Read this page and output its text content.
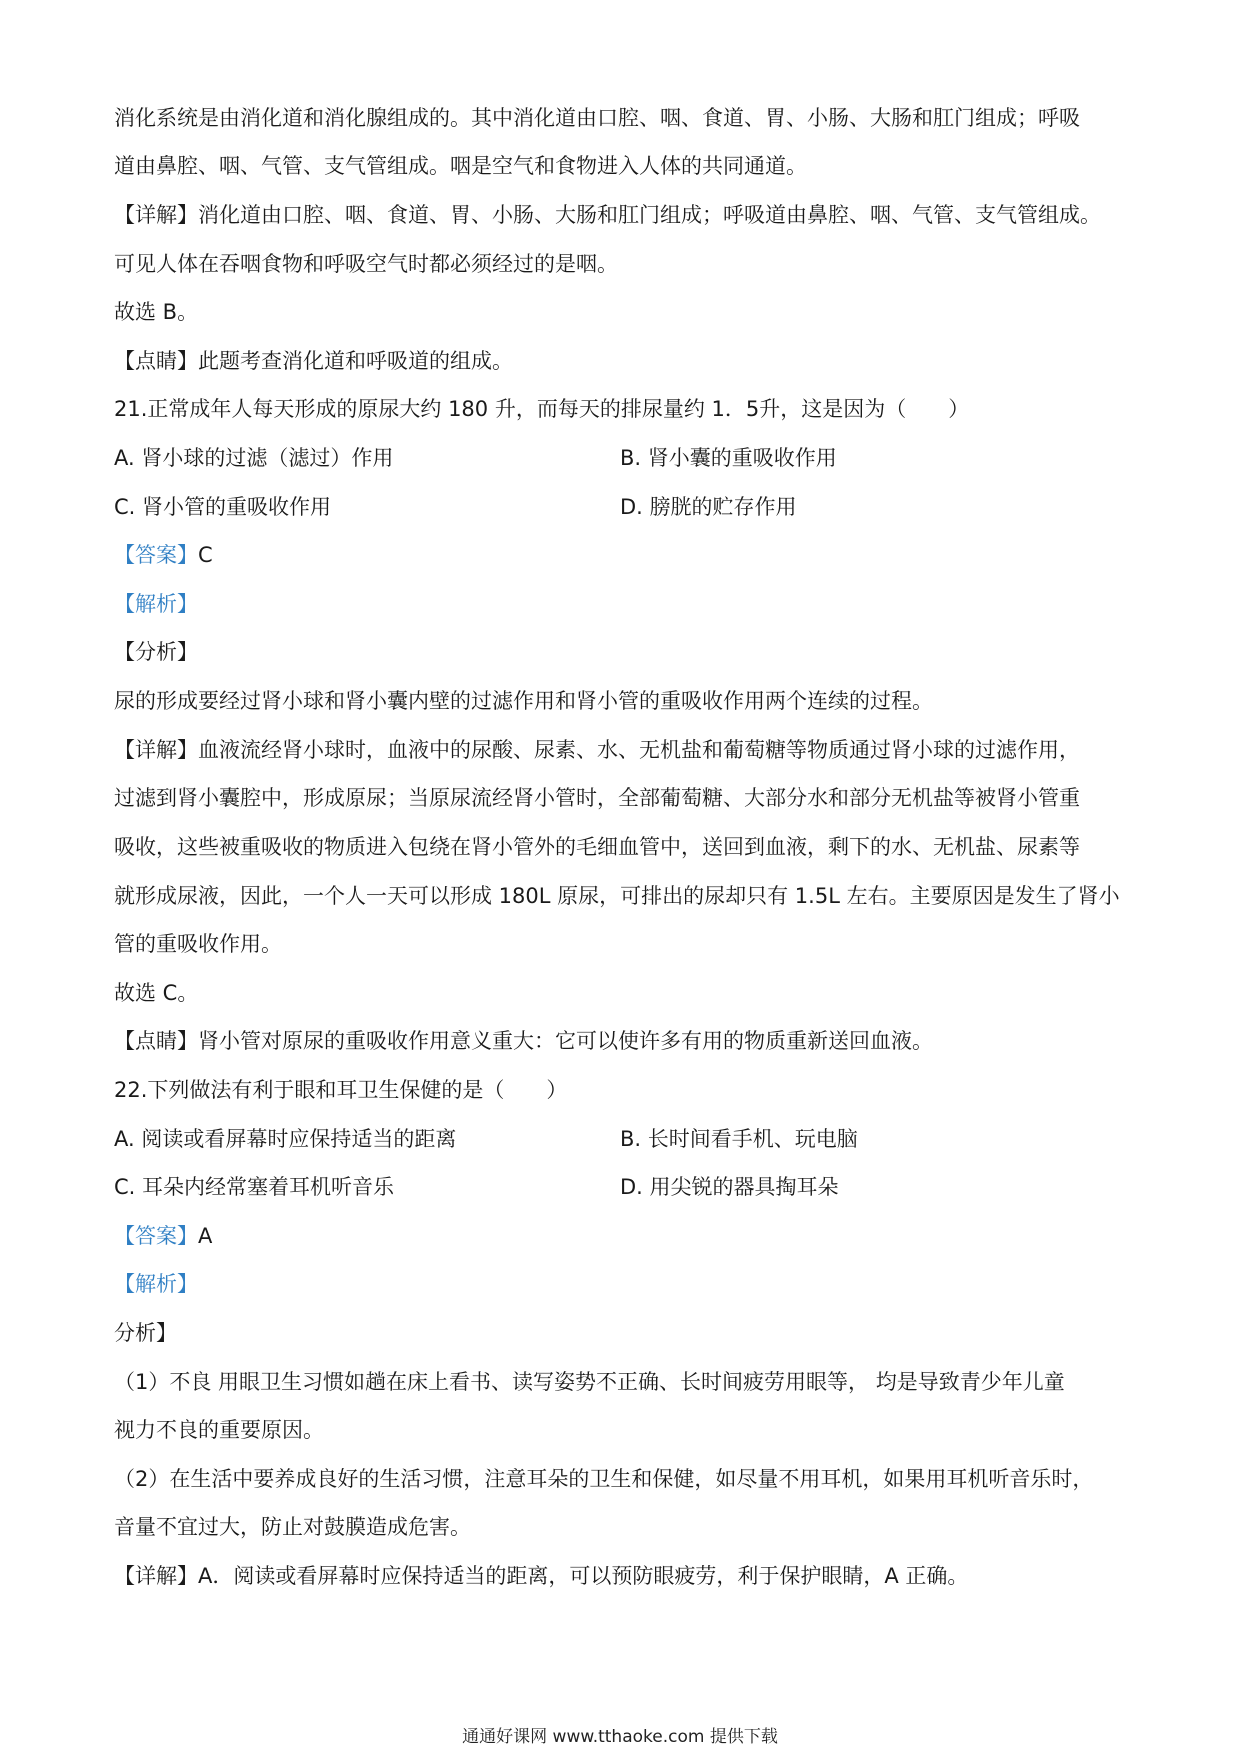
消化系统是由消化道和消化腺组成的。其中消化道由口腔、咽、食道、胃、小肠、大肠和肛门组成；呼吸
道由鼻腔、咽、气管、支气管组成。咽是空气和食物进入人体的共同通道。
【详解】消化道由口腔、咽、食道、胃、小肠、大肠和肛门组成；呼吸道由鼻腔、咽、气管、支气管组成。
可见人体在吞咽食物和呼吸空气时都必须经过的是咽。
故选 B。
【点睛】此题考查消化道和呼吸道的组成。
21.正常成年人每天形成的原尿大约 180 升，而每天的排尿量约 1．5升，这是因为（　　）
A. 肾小球的过滤（滤过）作用	B. 肾小囊的重吸收作用
C. 肾小管的重吸收作用	D. 膀胱的贮存作用
【答案】C
【解析】
【分析】
尿的形成要经过肾小球和肾小囊内壁的过滤作用和肾小管的重吸收作用两个连续的过程。
【详解】血液流经肾小球时，血液中的尿酸、尿素、水、无机盐和葡萄糖等物质通过肾小球的过滤作用，
过滤到肾小囊腔中，形成原尿；当原尿流经肾小管时，全部葡萄糖、大部分水和部分无机盐等被肾小管重
吸收，这些被重吸收的物质进入包绕在肾小管外的毛细血管中，送回到血液，剩下的水、无机盐、尿素等
就形成尿液，因此，一个人一天可以形成 180L 原尿，可排出的尿却只有 1.5L 左右。主要原因是发生了肾小
管的重吸收作用。
故选 C。
【点睛】肾小管对原尿的重吸收作用意义重大：它可以使许多有用的物质重新送回血液。
22.下列做法有利于眼和耳卫生保健的是（　　）
A. 阅读或看屏幕时应保持适当的距离	B. 长时间看手机、玩电脑
C. 耳朵内经常塞着耳机听音乐	D. 用尖锐的器具掏耳朵
【答案】A
【解析】
分析】
（1）不良 用眼卫生习惯如趟在床上看书、读写姿势不正确、长时间疲劳用眼等， 均是导致青少年儿童
视力不良的重要原因。
（2）在生活中要养成良好的生活习惯，注意耳朵的卫生和保健，如尽量不用耳机，如果用耳机听音乐时，
音量不宜过大，防止对鼓膜造成危害。
【详解】A．阅读或看屏幕时应保持适当的距离，可以预防眼疲劳，利于保护眼睛，A 正确。
通通好课网 www.tthaoke.com 提供下载
